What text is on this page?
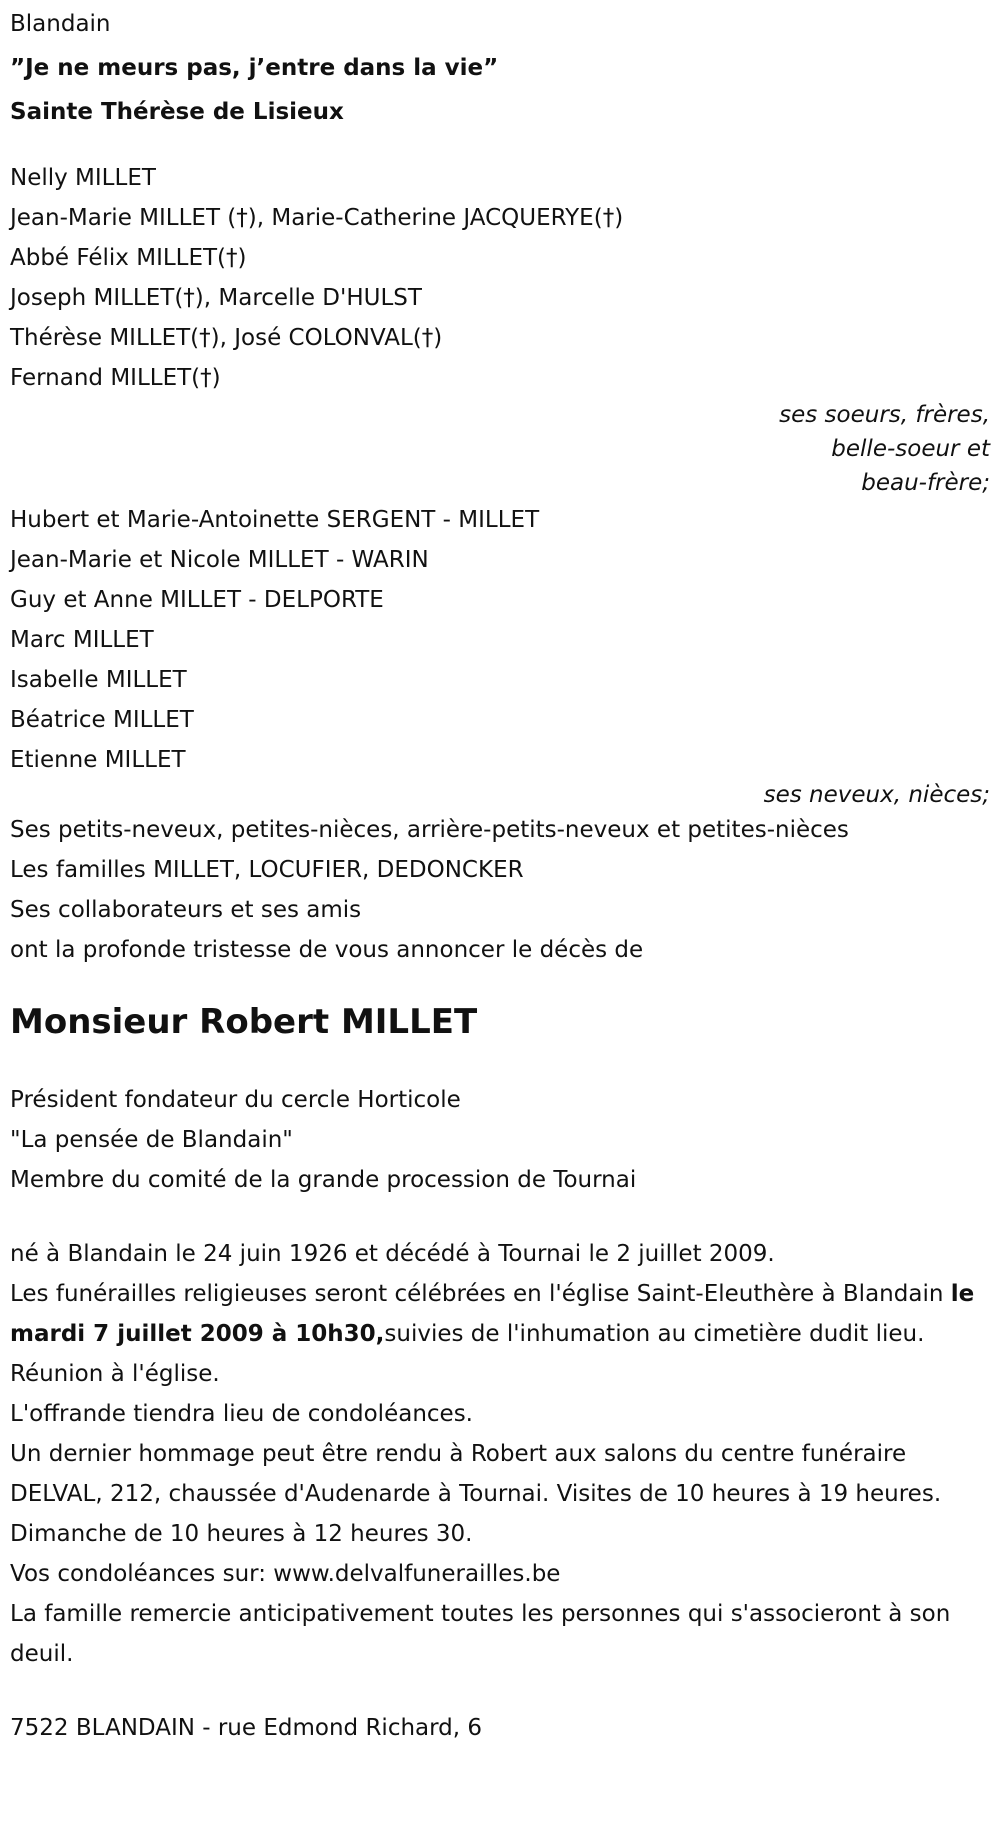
Blandain
”Je ne meurs pas, j’entre dans la vie”
Sainte Thérèse de Lisieux
Nelly MILLET
Jean-Marie MILLET (†), Marie-Catherine JACQUERYE(†)
Abbé Félix MILLET(†)
Joseph MILLET(†), Marcelle D'HULST
Thérèse MILLET(†), José COLONVAL(†)
Fernand MILLET(†)
ses soeurs, frères,
belle-soeur et
beau-frère;
Hubert et Marie-Antoinette SERGENT - MILLET
Jean-Marie et Nicole MILLET - WARIN
Guy et Anne MILLET - DELPORTE
Marc MILLET
Isabelle MILLET
Béatrice MILLET
Etienne MILLET
ses neveux, nièces;
Ses petits-neveux, petites-nièces, arrière-petits-neveux et petites-nièces
Les familles MILLET, LOCUFIER, DEDONCKER
Ses collaborateurs et ses amis
ont la profonde tristesse de vous annoncer le décès de
Monsieur Robert MILLET
Président fondateur du cercle Horticole
"La pensée de Blandain"
Membre du comité de la grande procession de Tournai
né à Blandain le 24 juin 1926 et décédé à Tournai le 2 juillet 2009.
Les funérailles religieuses seront célébrées en l'église Saint-Eleuthère à Blandain le mardi 7 juillet 2009 à 10h30,suivies de l'inhumation au cimetière dudit lieu.
Réunion à l'église.
L'offrande tiendra lieu de condoléances.
Un dernier hommage peut être rendu à Robert aux salons du centre funéraire DELVAL, 212, chaussée d'Audenarde à Tournai. Visites de 10 heures à 19 heures. Dimanche de 10 heures à 12 heures 30.
Vos condoléances sur: www.delvalfunerailles.be
La famille remercie anticipativement toutes les personnes qui s'associeront à son deuil.
7522 BLANDAIN - rue Edmond Richard, 6
